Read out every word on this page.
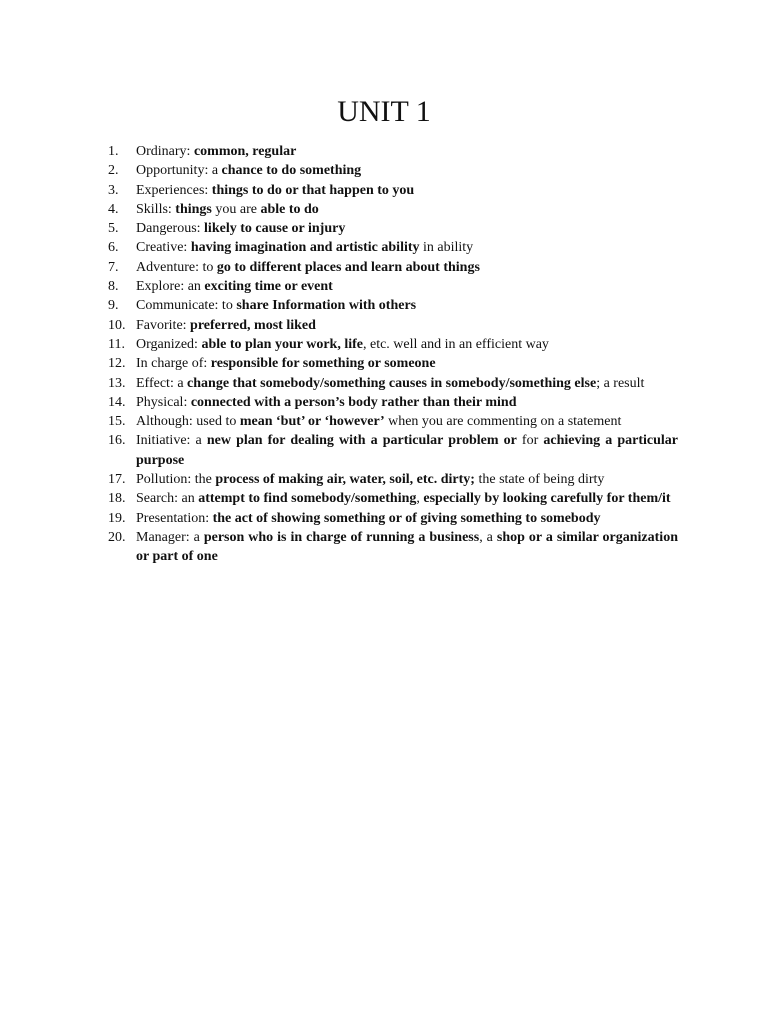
UNIT 1
1.	Ordinary: common, regular
2.	Opportunity: a chance to do something
3.	Experiences: things to do or that happen to you
4.	Skills: things you are able to do
5.	Dangerous: likely to cause or injury
6.	Creative: having imagination and artistic ability in ability
7.	Adventure: to go to different places and learn about things
8.	Explore: an exciting time or event
9.	Communicate: to share Information with others
10. Favorite: preferred, most liked
11. Organized: able to plan your work, life, etc. well and in an efficient way
12. In charge of: responsible for something or someone
13. Effect: a change that somebody/something causes in somebody/something else; a result
14. Physical: connected with a person’s body rather than their mind
15. Although: used to mean ‘but’ or ‘however’ when you are commenting on a statement
16. Initiative: a new plan for dealing with a particular problem or for achieving a particular purpose
17. Pollution: the process of making air, water, soil, etc. dirty; the state of being dirty
18. Search: an attempt to find somebody/something, especially by looking carefully for them/it
19. Presentation: the act of showing something or of giving something to somebody
20. Manager: a person who is in charge of running a business, a shop or a similar organization or part of one
